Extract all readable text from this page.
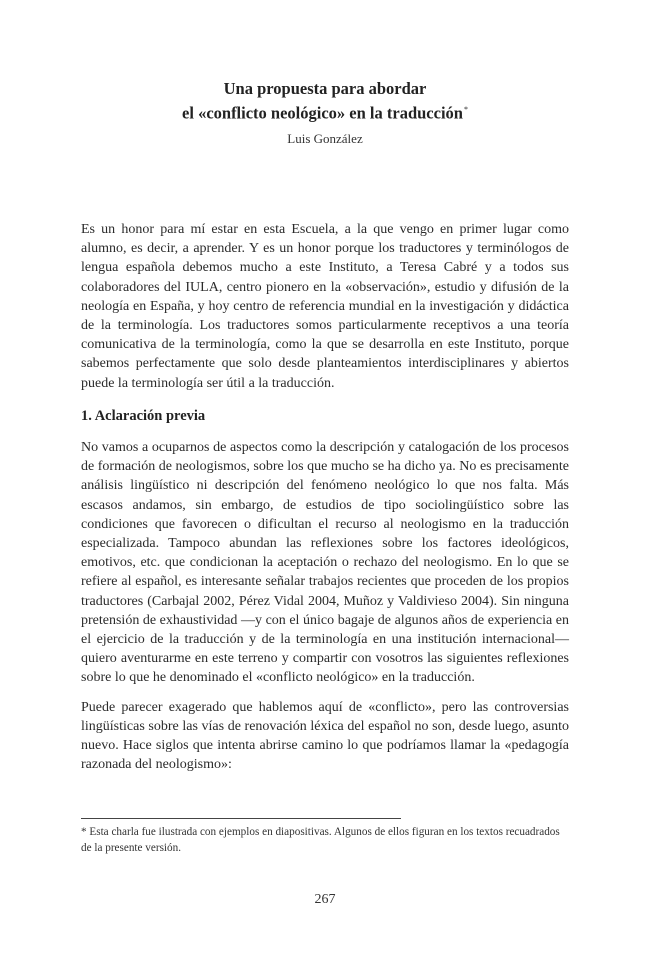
Una propuesta para abordar
el «conflicto neológico» en la traducción*

Luis González

Es un honor para mí estar en esta Escuela, a la que vengo en primer lugar como alumno, es decir, a aprender. Y es un honor porque los traductores y terminólogos de lengua española debemos mucho a este Instituto, a Teresa Cabré y a todos sus colaboradores del IULA, centro pionero en la «observación», estudio y difusión de la neología en España, y hoy centro de referencia mundial en la investigación y didáctica de la terminología. Los traductores somos particularmente receptivos a una teoría comunicativa de la terminología, como la que se desarrolla en este Instituto, porque sabemos perfectamente que solo desde planteamientos interdisciplinares y abiertos puede la terminología ser útil a la traducción.

1. Aclaración previa

No vamos a ocuparnos de aspectos como la descripción y catalogación de los procesos de formación de neologismos, sobre los que mucho se ha dicho ya. No es precisamente análisis lingüístico ni descripción del fenómeno neológico lo que nos falta. Más escasos andamos, sin embargo, de estudios de tipo sociolingüístico sobre las condiciones que favorecen o dificultan el recurso al neologismo en la traducción especializada. Tampoco abundan las reflexiones sobre los factores ideológicos, emotivos, etc. que condicionan la aceptación o rechazo del neologismo. En lo que se refiere al español, es interesante señalar trabajos recientes que proceden de los propios traductores (Carbajal 2002, Pérez Vidal 2004, Muñoz y Valdivieso 2004). Sin ninguna pretensión de exhaustividad —y con el único bagaje de algunos años de experiencia en el ejercicio de la traducción y de la terminología en una institución internacional— quiero aventurarme en este terreno y compartir con vosotros las siguientes reflexiones sobre lo que he denominado el «conflicto neológico» en la traducción.

Puede parecer exagerado que hablemos aquí de «conflicto», pero las controversias lingüísticas sobre las vías de renovación léxica del español no son, desde luego, asunto nuevo. Hace siglos que intenta abrirse camino lo que podríamos llamar la «pedagogía razonada del neologismo»:

* Esta charla fue ilustrada con ejemplos en diapositivas. Algunos de ellos figuran en los textos recuadrados de la presente versión.
267
